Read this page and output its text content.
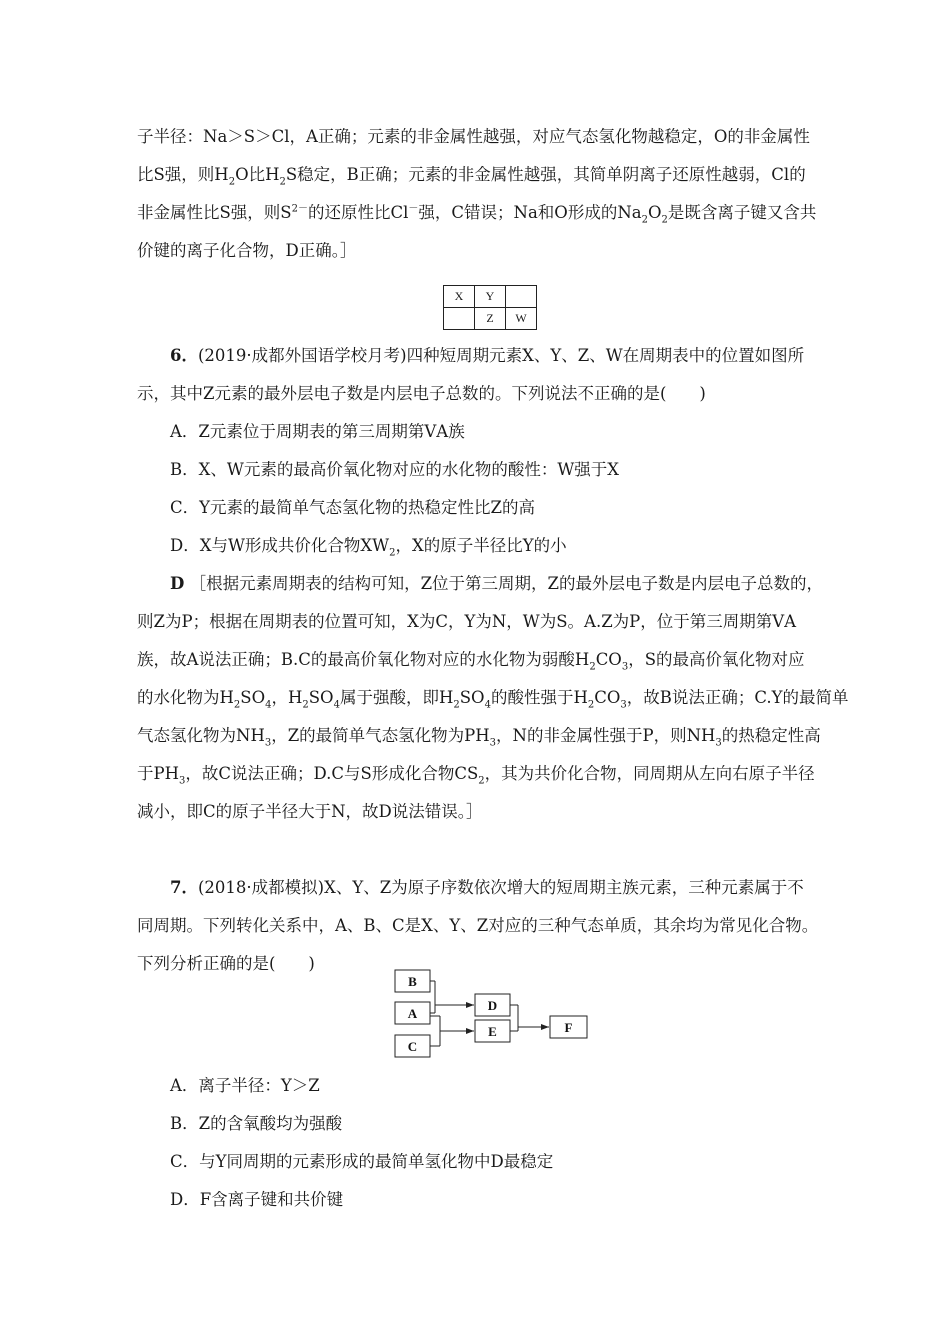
子半径：Na＞S＞Cl，A正确；元素的非金属性越强，对应气态氢化物越稳定，O的非金属性
比S强，则$H_2O$比$H_2S$稳定，B正确；元素的非金属性越强，其简单阴离子还原性越弱，Cl的
非金属性比S强，则$S^{2-}$的还原性比Cl－强，C错误；Na和O形成的$Na_2O_2$是既含离子键又含共
价键的离子化合物，D正确。］
X	Y	
	Z	W
6．(2019·成都外国语学校月考)四种短周期元素X、Y、Z、W在周期表中的位置如图所
示，其中Z元素的最外层电子数是内层电子总数的。下列说法不正确的是(　　)

A．Z元素位于周期表的第三周期第ⅤA族

B．X、W元素的最高价氧化物对应的水化物的酸性：W强于X

C．Y元素的最简单气态氢化物的热稳定性比Z的高

D．X与W形成共价化合物$XW_2$，X的原子半径比Y的小

D ［根据元素周期表的结构可知，Z位于第三周期，Z的最外层电子数是内层电子总数的，
则Z为P；根据在周期表的位置可知，X为C，Y为N，W为S。A.Z为P，位于第三周期第ⅤA
族，故A说法正确；B.C的最高价氧化物对应的水化物为弱酸$H_2CO_3$，S的最高价氧化物对应
的水化物为$H_2SO_4$，$H_2SO_4$属于强酸，即$H_2SO_4$的酸性强于$H_2CO_3$，故B说法正确；C.Y的最简单
气态氢化物为$NH_3$，Z的最简单气态氢化物为$PH_3$，N的非金属性强于P，则$NH_3$的热稳定性高
于$PH_3$，故C说法正确；D.C与S形成化合物$CS_2$，其为共价化合物，同周期从左向右原子半径
减小，即C的原子半径大于N，故D说法错误。］
7．(2018·成都模拟)X、Y、Z为原子序数依次增大的短周期主族元素，三种元素属于不
同周期。下列转化关系中，A、B、C是X、Y、Z对应的三种气态单质，其余均为常见化合物。
下列分析正确的是(　　)
B
A
C
D
E	F

A．离子半径：Y＞Z

B．Z的含氧酸均为强酸

C．与Y同周期的元素形成的最简单氢化物中D最稳定

D．F含离子键和共价键
